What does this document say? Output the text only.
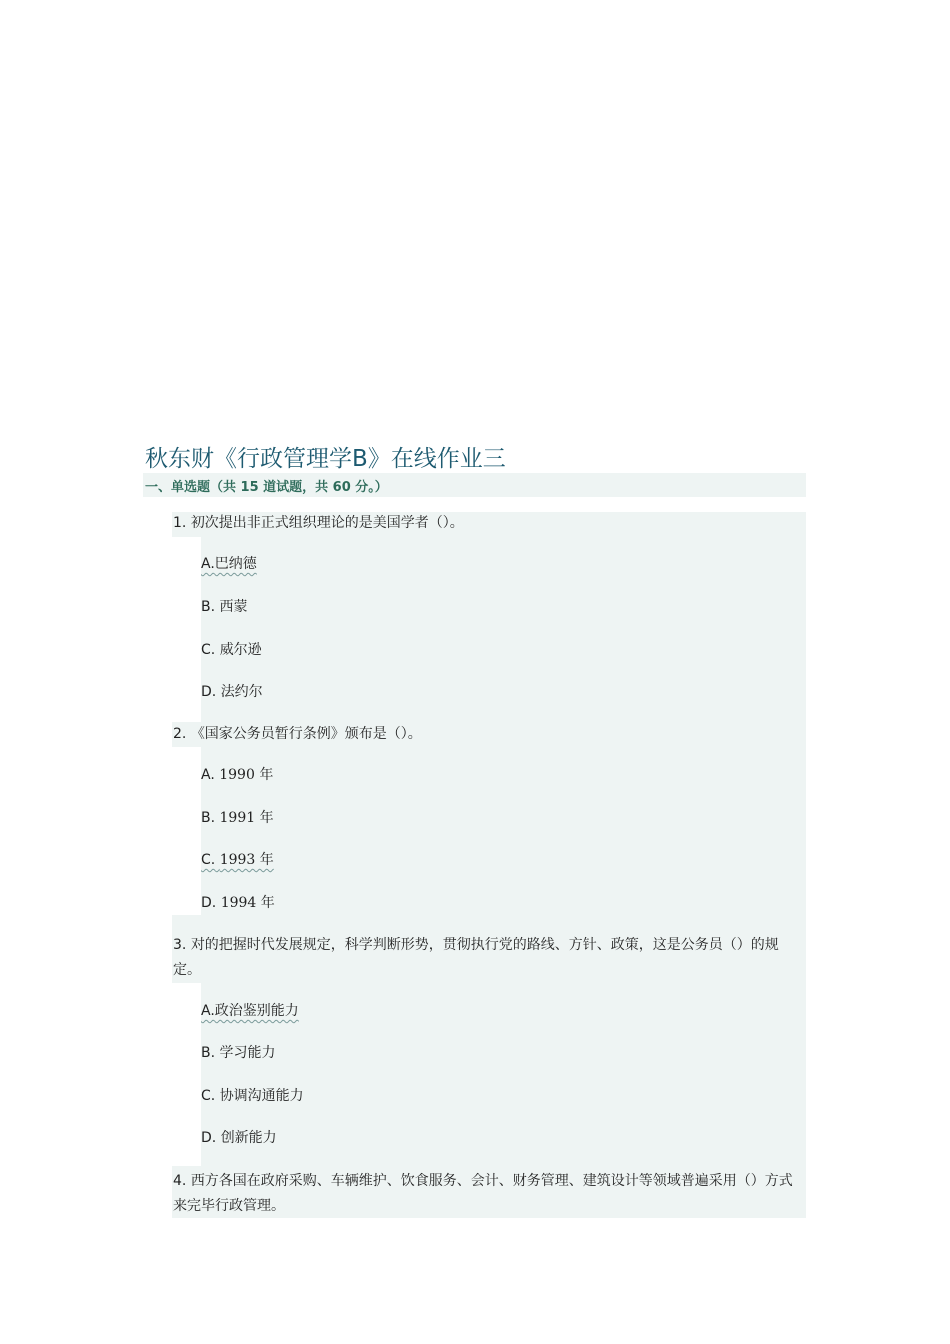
秋东财《行政管理学B》在线作业三
一、单选题（共 15 道试题，共 60 分。）
1. 初次提出非正式组织理论的是美国学者（）。
A.巴纳德
B. 西蒙
C. 威尔逊
D. 法约尔
2. 《国家公务员暂行条例》颁布是（）。
A. 1990 年
B. 1991 年
C. 1993 年
D. 1994 年
3. 对的把握时代发展规定，科学判断形势，贯彻执行党的路线、方针、政策，这是公务员（）的规定。
A.政治鉴别能力
B. 学习能力
C. 协调沟通能力
D. 创新能力
4. 西方各国在政府采购、车辆维护、饮食服务、会计、财务管理、建筑设计等领域普遍采用（）方式来完毕行政管理。
